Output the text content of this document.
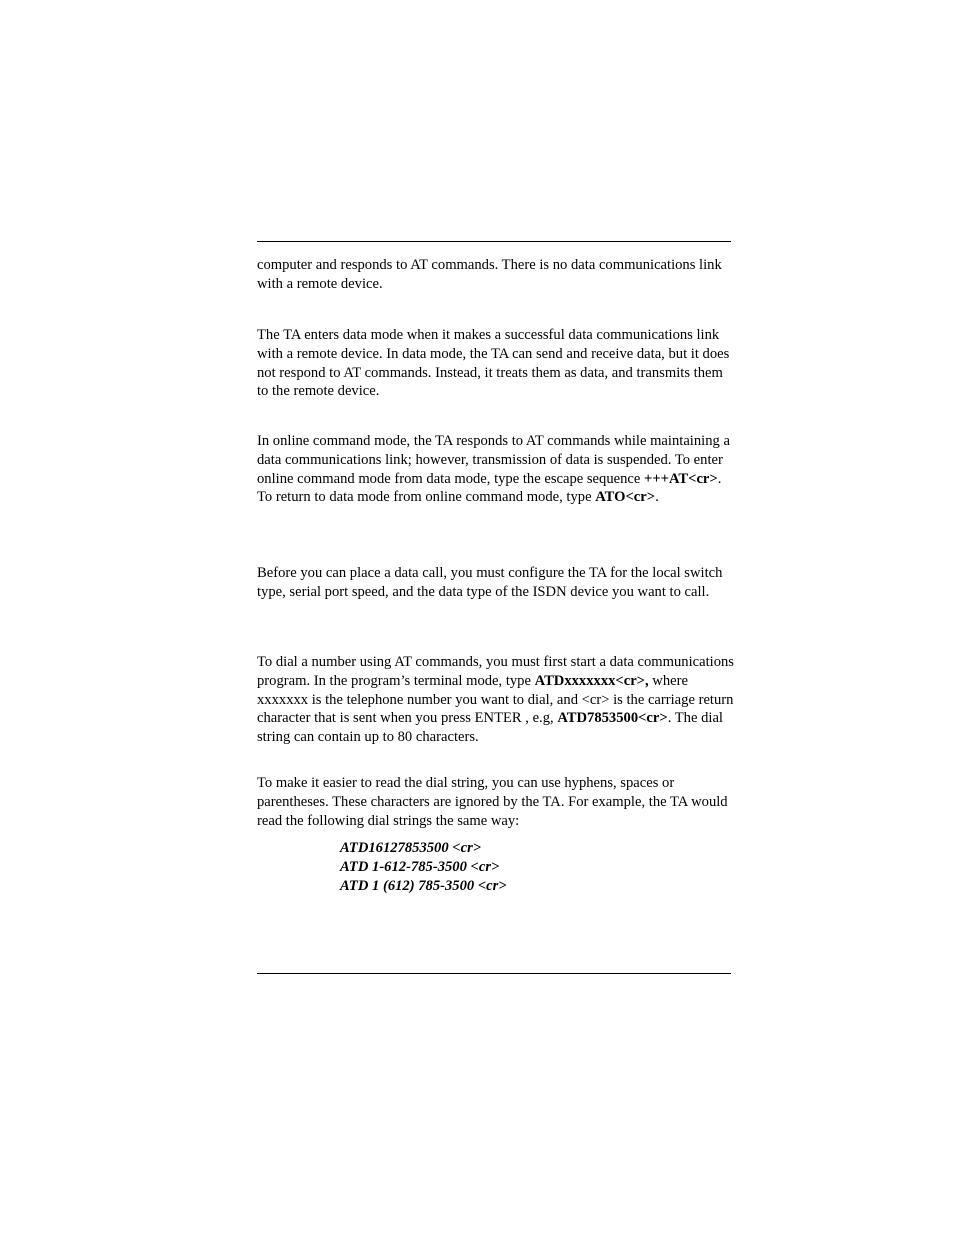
computer and responds to AT commands. There is no data communications link with a remote device.

The TA enters data mode when it makes a successful data communications link with a remote device. In data mode, the TA can send and receive data, but it does not respond to AT commands. Instead, it treats them as data, and transmits them to the remote device.

In online command mode, the TA responds to AT commands while maintaining a data communications link; however, transmission of data is suspended. To enter online command mode from data mode, type the escape sequence +++AT<cr>. To return to data mode from online command mode, type ATO<cr>.

Before you can place a data call, you must configure the TA for the local switch type, serial port speed, and the data type of the ISDN device you want to call.

To dial a number using AT commands, you must first start a data communications program. In the program’s terminal mode, type ATDxxxxxxx<cr>, where xxxxxxx is the telephone number you want to dial, and <cr> is the carriage return character that is sent when you press ENTER , e.g, ATD7853500<cr>. The dial string can contain up to 80 characters.

To make it easier to read the dial string, you can use hyphens, spaces or parentheses. These characters are ignored by the TA. For example, the TA would read the following dial strings the same way:

ATD16127853500 <cr>
ATD 1-612-785-3500 <cr>
ATD 1 (612) 785-3500 <cr>
